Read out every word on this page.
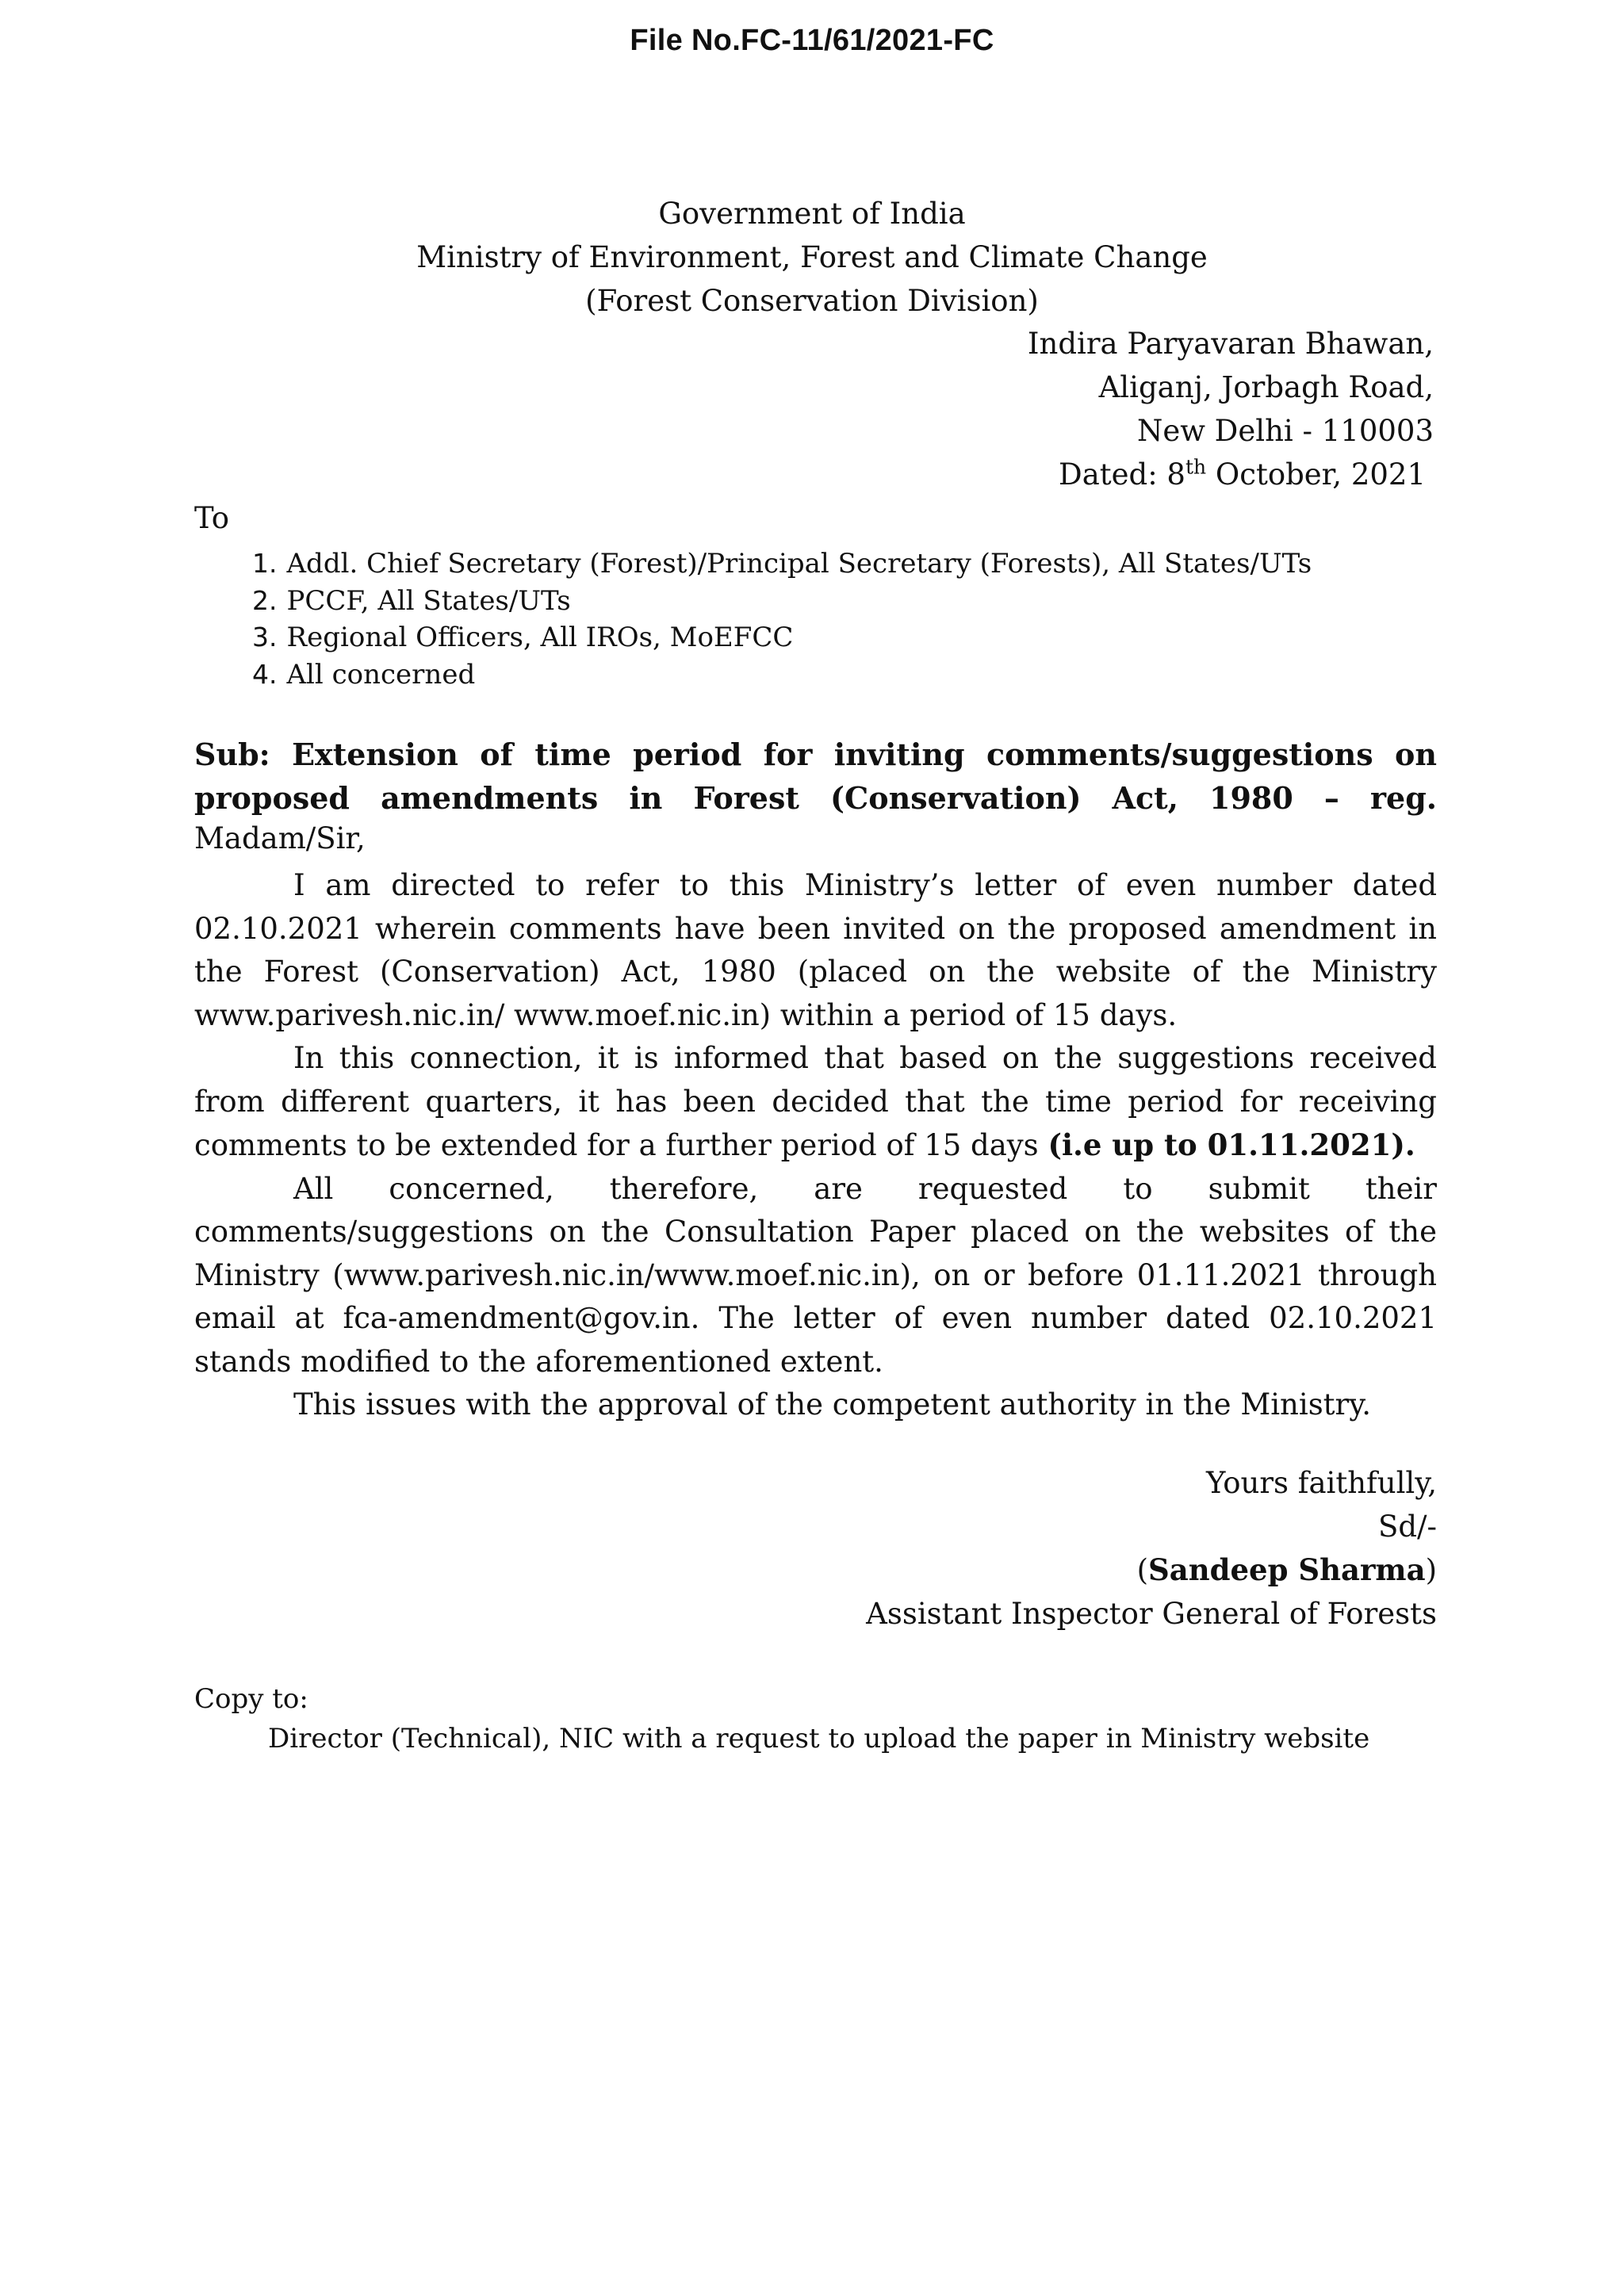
File No.FC-11/61/2021-FC
Government of India
Ministry of Environment, Forest and Climate Change
(Forest Conservation Division)
Indira Paryavaran Bhawan,
Aliganj, Jorbagh Road,
New Delhi - 110003
Dated: 8th October, 2021
To
1. Addl. Chief Secretary (Forest)/Principal Secretary (Forests), All States/UTs
2. PCCF, All States/UTs
3. Regional Officers, All IROs, MoEFCC
4. All concerned
Sub: Extension of time period for inviting comments/suggestions on proposed amendments in Forest (Conservation) Act, 1980 – reg.
Madam/Sir,

I am directed to refer to this Ministry’s letter of even number dated 02.10.2021 wherein comments have been invited on the proposed amendment in the Forest (Conservation) Act, 1980 (placed on the website of the Ministry www.parivesh.nic.in/ www.moef.nic.in) within a period of 15 days.

In this connection, it is informed that based on the suggestions received from different quarters, it has been decided that the time period for receiving comments to be extended for a further period of 15 days (i.e up to 01.11.2021).

All concerned, therefore, are requested to submit their comments/suggestions on the Consultation Paper placed on the websites of the Ministry (www.parivesh.nic.in/www.moef.nic.in), on or before 01.11.2021 through email at fca-amendment@gov.in. The letter of even number dated 02.10.2021 stands modified to the aforementioned extent.

This issues with the approval of the competent authority in the Ministry.

Yours faithfully,
Sd/-
(Sandeep Sharma)
Assistant Inspector General of Forests
Copy to:
Director (Technical), NIC with a request to upload the paper in Ministry website
